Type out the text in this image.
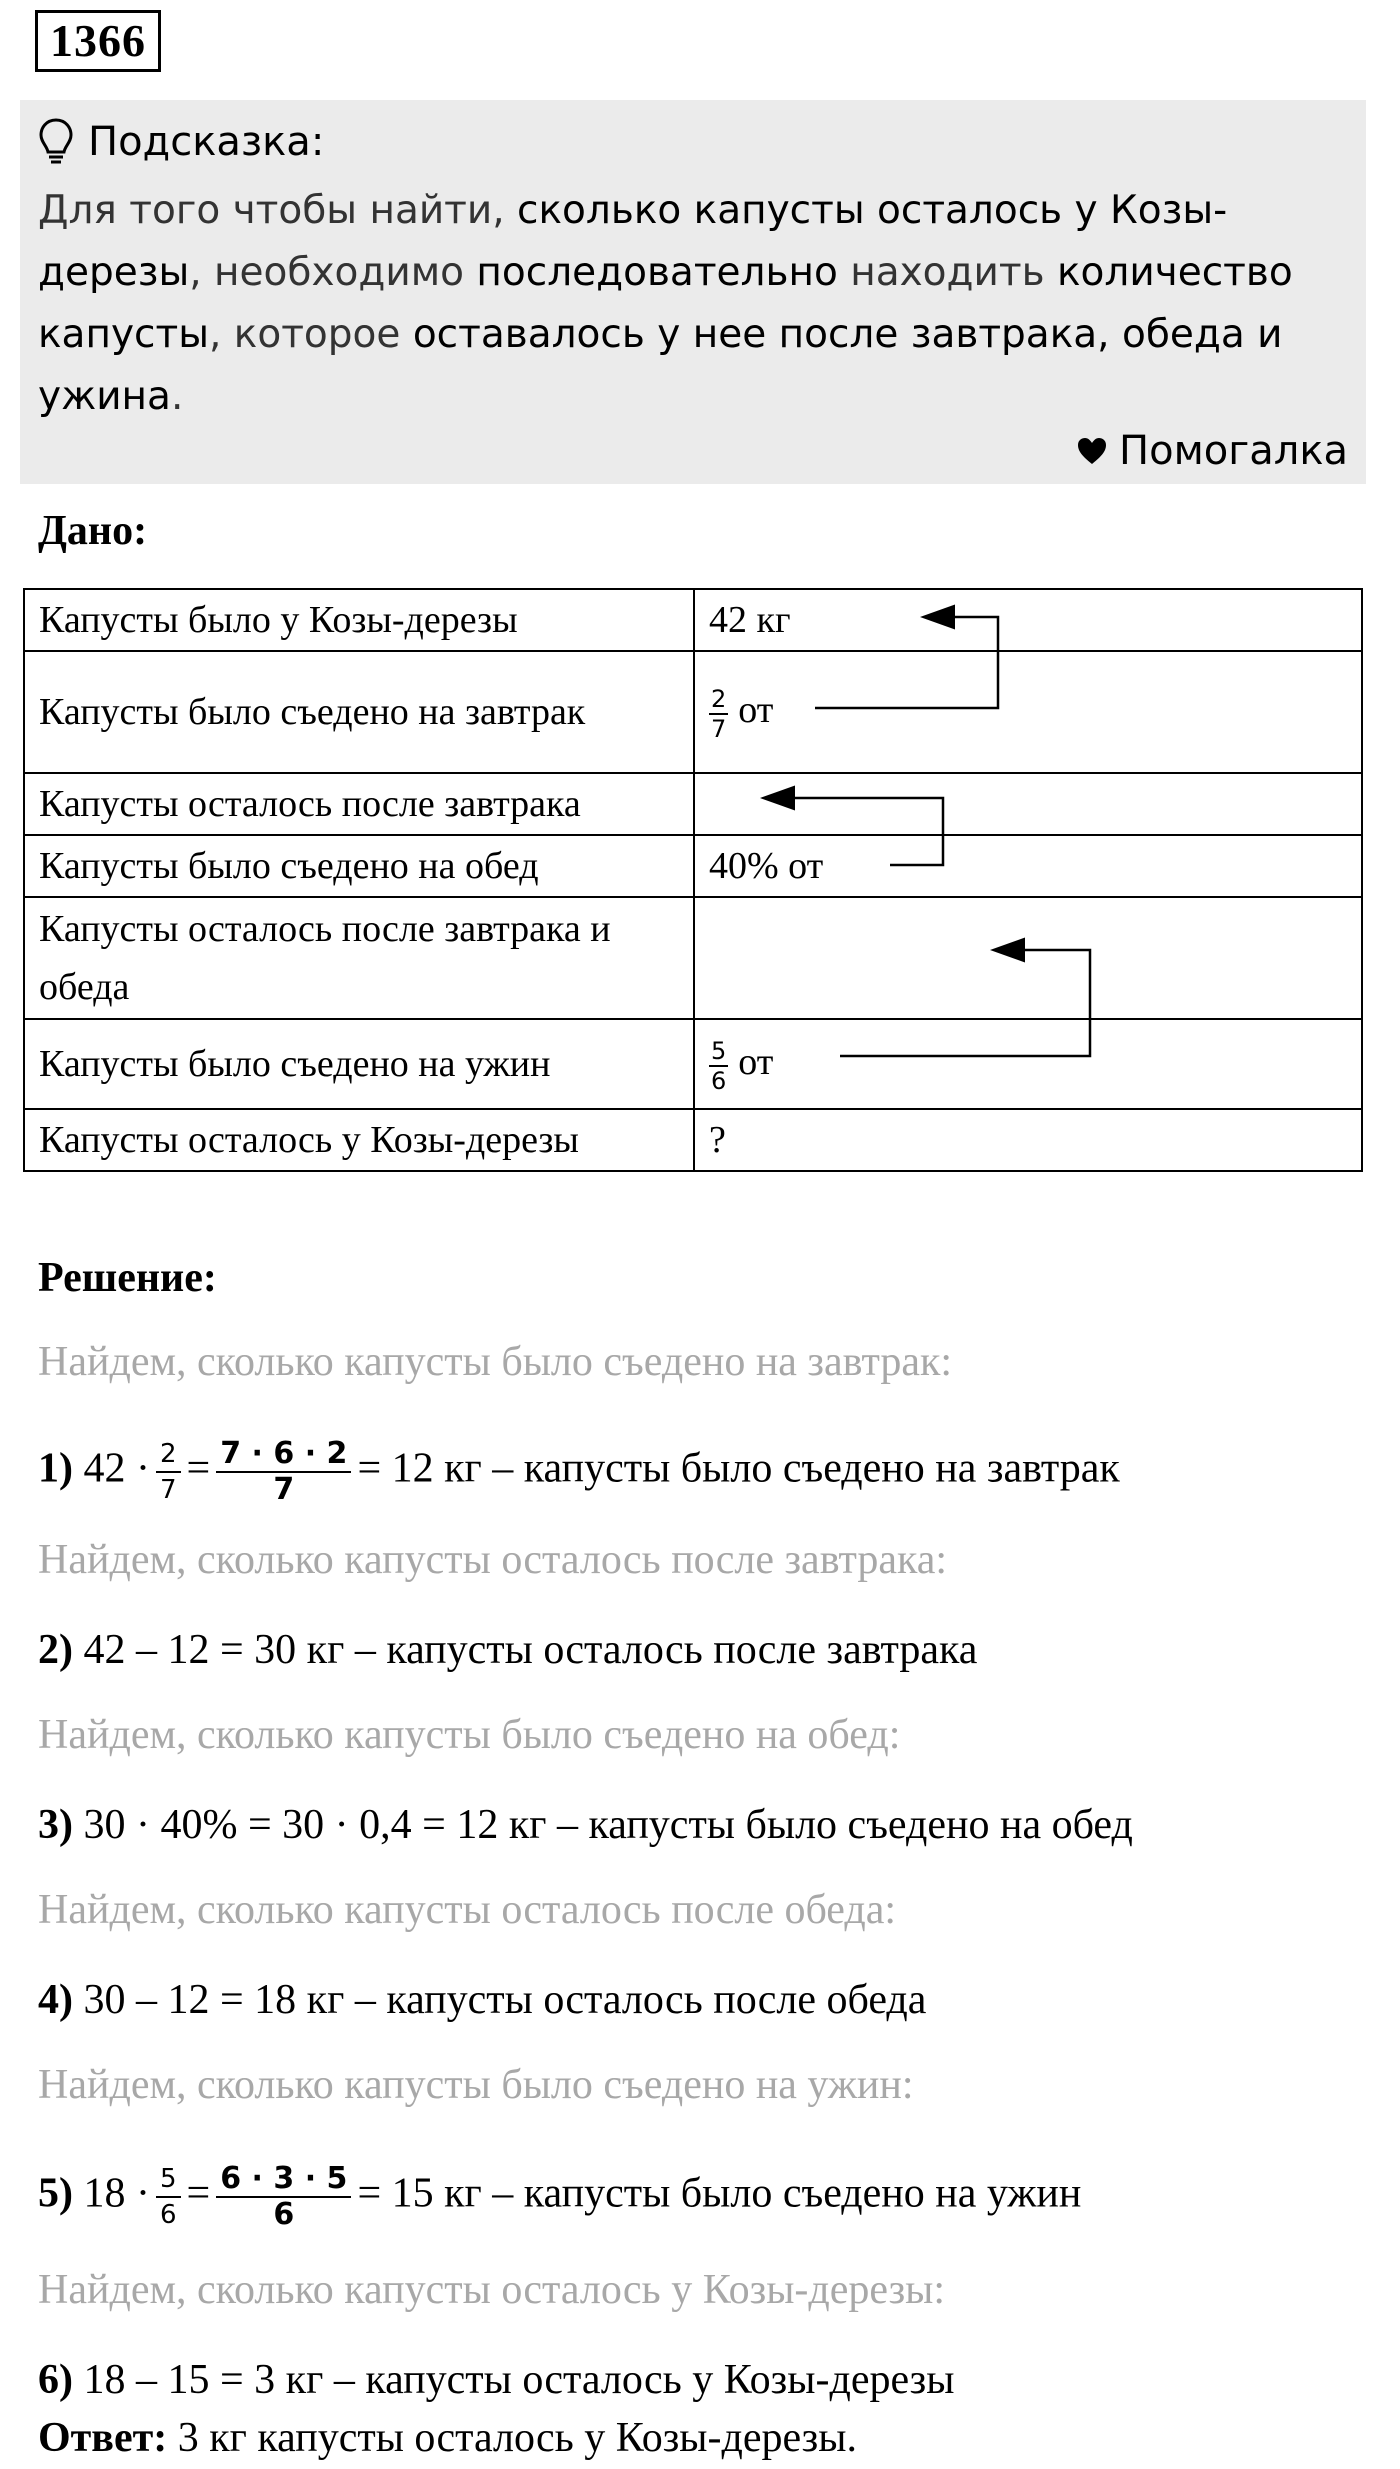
1366
Подсказка:
Для того чтобы найти, сколько капусты осталось у Козы-дерезы, необходимо последовательно находить количество капусты, которое оставалось у нее после завтрака, обеда и ужина.
Помогалка
Дано:
Капусты было у Козы-дерезы	42 кг
Капусты было съедено на завтрак	$\frac{2}{7}$ от
Капусты осталось после завтрака	
Капусты было съедено на обед	40% от
Капусты осталось после завтрака и обеда	
Капусты было съедено на ужин	$\frac{5}{6}$ от
Капусты осталось у Козы-дерезы	?
Решение:
Найдем, сколько капусты было съедено на завтрак:
1) $42 \cdot \frac{2}{7} = \frac{7 \cdot 6 \cdot 2}{7} = 12$ кг – капусты было съедено на завтрак
Найдем, сколько капусты осталось после завтрака:
2) 42 – 12 = 30 кг – капусты осталось после завтрака
Найдем, сколько капусты было съедено на обед:
3) 30 · 40% = 30 · 0,4 = 12 кг – капусты было съедено на обед
Найдем, сколько капусты осталось после обеда:
4) 30 – 12 = 18 кг – капусты осталось после обеда
Найдем, сколько капусты было съедено на ужин:
5) $18 \cdot \frac{5}{6} = \frac{6 \cdot 3 \cdot 5}{6} = 15$ кг – капусты было съедено на ужин
Найдем, сколько капусты осталось у Козы-дерезы:
6) 18 – 15 = 3 кг – капусты осталось у Козы-дерезы
Ответ: 3 кг капусты осталось у Козы-дерезы.
